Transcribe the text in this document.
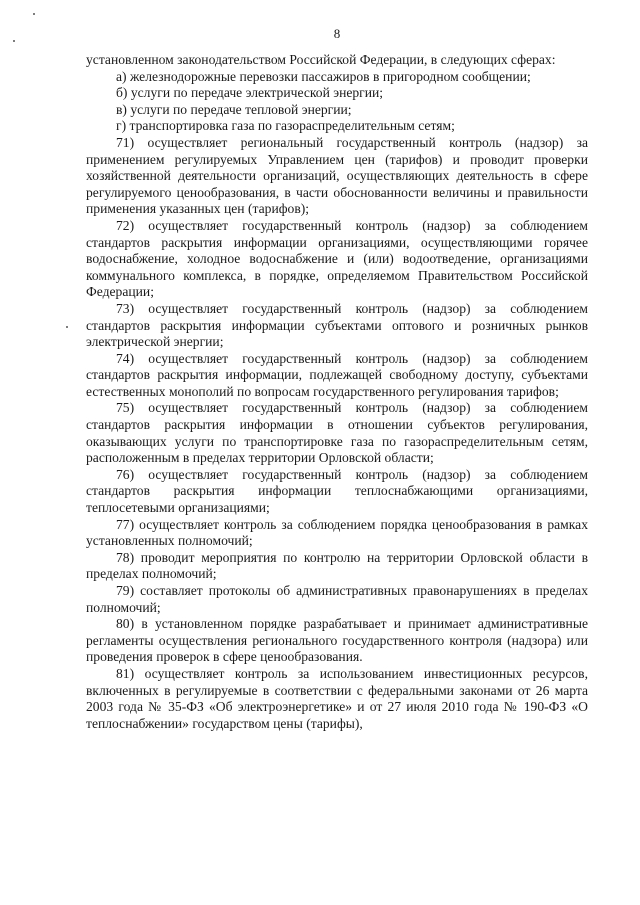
8

установленном законодательством Российской Федерации, в следующих сферах:

а) железнодорожные перевозки пассажиров в пригородном сообщении;

б) услуги по передаче электрической энергии;

в) услуги по передаче тепловой энергии;

г) транспортировка газа по газораспределительным сетям;

71) осуществляет региональный государственный контроль (надзор) за применением регулируемых Управлением цен (тарифов) и проводит проверки хозяйственной деятельности организаций, осуществляющих деятельность в сфере регулируемого ценообразования, в части обоснованности величины и правильности применения указанных цен (тарифов);

72) осуществляет государственный контроль (надзор) за соблюдением стандартов раскрытия информации организациями, осуществляющими горячее водоснабжение, холодное водоснабжение и (или) водоотведение, организациями коммунального комплекса, в порядке, определяемом Правительством Российской Федерации;

73) осуществляет государственный контроль (надзор) за соблюдением стандартов раскрытия информации субъектами оптового и розничных рынков электрической энергии;

74) осуществляет государственный контроль (надзор) за соблюдением стандартов раскрытия информации, подлежащей свободному доступу, субъектами естественных монополий по вопросам государственного регулирования тарифов;

75) осуществляет государственный контроль (надзор) за соблюдением стандартов раскрытия информации в отношении субъектов регулирования, оказывающих услуги по транспортировке газа по газораспределительным сетям, расположенным в пределах территории Орловской области;

76) осуществляет государственный контроль (надзор) за соблюдением стандартов раскрытия информации теплоснабжающими организациями, теплосетевыми организациями;

77) осуществляет контроль за соблюдением порядка ценообразования в рамках установленных полномочий;

78) проводит мероприятия по контролю на территории Орловской области в пределах полномочий;

79) составляет протоколы об административных правонарушениях в пределах полномочий;

80) в установленном порядке разрабатывает и принимает административные регламенты осуществления регионального государственного контроля (надзора) или проведения проверок в сфере ценообразования.

81) осуществляет контроль за использованием инвестиционных ресурсов, включенных в регулируемые в соответствии с федеральными законами от 26 марта 2003 года № 35-ФЗ «Об электроэнергетике» и от 27 июля 2010 года № 190-ФЗ «О теплоснабжении» государством цены (тарифы),
